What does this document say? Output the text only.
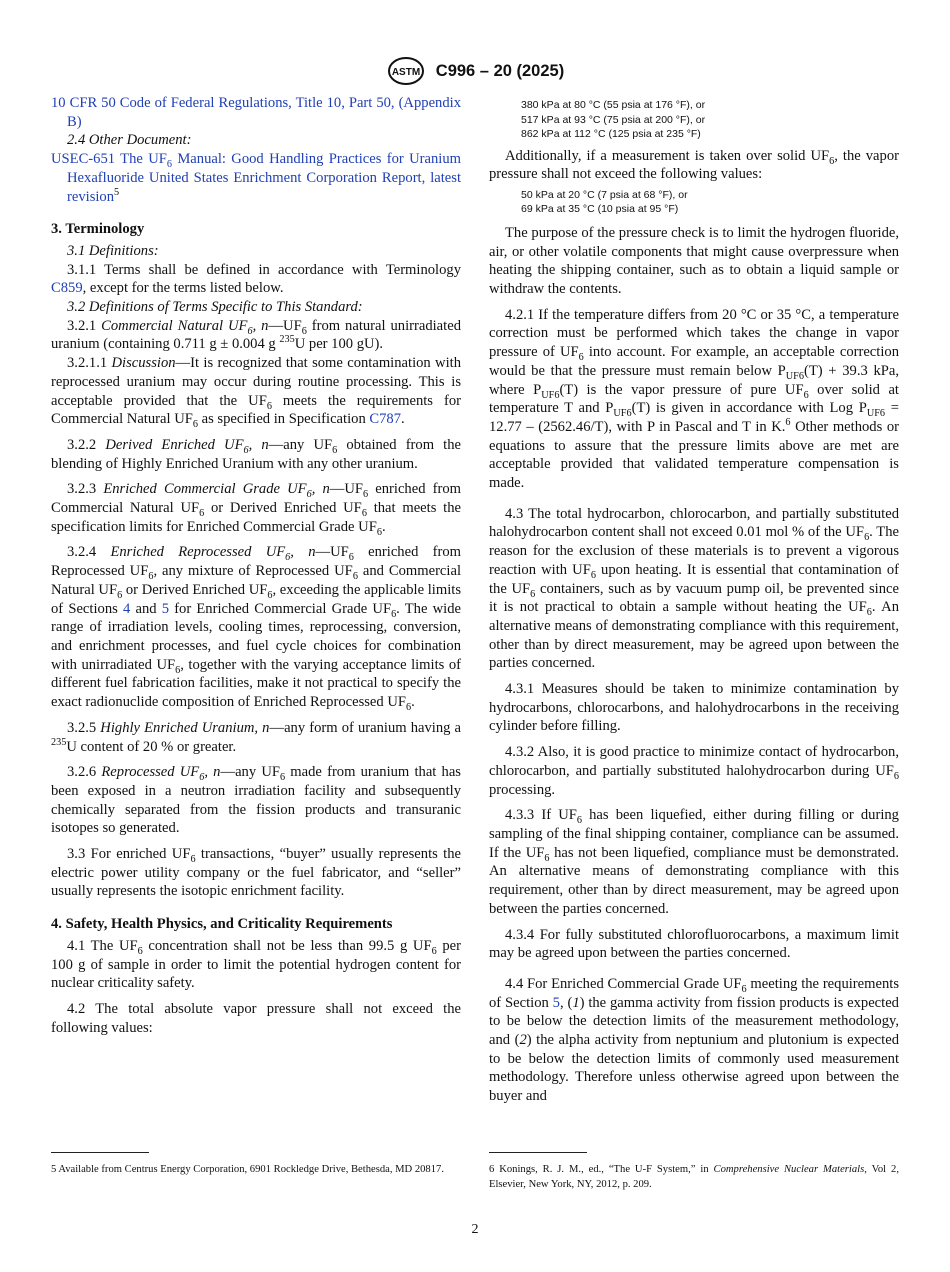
ASTM C996 – 20 (2025)

10 CFR 50 Code of Federal Regulations, Title 10, Part 50, (Appendix B)

2.4 Other Document:

USEC-651 The $UF_6$ Manual: Good Handling Practices for Uranium Hexafluoride United States Enrichment Corporation Report, latest revision$^5$

3. Terminology

3.1 Definitions:

3.1.1 Terms shall be defined in accordance with Terminology C859, except for the terms listed below.

3.2 Definitions of Terms Specific to This Standard:

3.2.1 Commercial Natural $UF_6$, $n—UF_6$ from natural unirradiated uranium (containing 0.711 g ± 0.004 g $^{235}$U per 100 gU).

3.2.1.1 Discussion—It is recognized that some contamination with reprocessed uranium may occur during routine processing. This is acceptable provided that the $UF_6$ meets the requirements for Commercial Natural $UF_6$ as specified in Specification C787.

3.2.2 Derived Enriched $UF_6$, n—any $UF_6$ obtained from the blending of Highly Enriched Uranium with any other uranium.

3.2.3 Enriched Commercial Grade $UF_6$, $n—UF_6$ enriched from Commercial Natural $UF_6$ or Derived Enriched $UF_6$ that meets the specification limits for Enriched Commercial Grade $UF_6$.

3.2.4 Enriched Reprocessed $UF_6$, $n—UF_6$ enriched from Reprocessed $UF_6$, any mixture of Reprocessed $UF_6$ and Commercial Natural $UF_6$ or Derived Enriched $UF_6$, exceeding the applicable limits of Sections 4 and 5 for Enriched Commercial Grade $UF_6$. The wide range of irradiation levels, cooling times, reprocessing, conversion, and enrichment processes, and fuel cycle choices for combination with unirradiated $UF_6$, together with the varying acceptance limits of different fuel fabrication facilities, make it not practical to specify the exact radionuclide composition of Enriched Reprocessed $UF_6$.

3.2.5 Highly Enriched Uranium, n—any form of uranium having a $^{235}$U content of 20 % or greater.

3.2.6 Reprocessed $UF_6$, n—any $UF_6$ made from uranium that has been exposed in a neutron irradiation facility and subsequently chemically separated from the fission products and transuranic isotopes so generated.

3.3 For enriched $UF_6$ transactions, “buyer” usually represents the electric power utility company or the fuel fabricator, and “seller” usually represents the isotopic enrichment facility.

4. Safety, Health Physics, and Criticality Requirements

4.1 The $UF_6$ concentration shall not be less than 99.5 g $UF_6$ per 100 g of sample in order to limit the potential hydrogen content for nuclear criticality safety.

4.2 The total absolute vapor pressure shall not exceed the following values:

380 kPa at 80 °C (55 psia at 176 °F), or
517 kPa at 93 °C (75 psia at 200 °F), or
862 kPa at 112 °C (125 psia at 235 °F)

Additionally, if a measurement is taken over solid $UF_6$, the vapor pressure shall not exceed the following values:

50 kPa at 20 °C (7 psia at 68 °F), or
69 kPa at 35 °C (10 psia at 95 °F)

The purpose of the pressure check is to limit the hydrogen fluoride, air, or other volatile components that might cause overpressure when heating the shipping container, such as to obtain a liquid sample or withdraw the contents.

4.2.1 If the temperature differs from 20 °C or 35 °C, a temperature correction must be performed which takes the change in vapor pressure of $UF_6$ into account. For example, an acceptable correction would be that the pressure must remain below $P_{UF6}(T) + 39.3$ kPa, where $P_{UF6}(T)$ is the vapor pressure of pure $UF_6$ over solid at temperature T and $P_{UF6}(T)$ is given in accordance with Log $P_{UF6} = 12.77 - (2562.46/T)$, with P in Pascal and T in K.$^6$ Other methods or equations to assure that the pressure limits above are met are acceptable provided that validated temperature compensation is made.

4.3 The total hydrocarbon, chlorocarbon, and partially substituted halohydrocarbon content shall not exceed 0.01 mol % of the $UF_6$. The reason for the exclusion of these materials is to prevent a vigorous reaction with $UF_6$ upon heating. It is essential that contamination of the $UF_6$ containers, such as by vacuum pump oil, be prevented since it is not practical to obtain a sample without heating the $UF_6$. An alternative means of demonstrating compliance with this requirement, other than by direct measurement, may be agreed upon between the parties concerned.

4.3.1 Measures should be taken to minimize contamination by hydrocarbons, chlorocarbons, and halohydrocarbons in the receiving cylinder before filling.

4.3.2 Also, it is good practice to minimize contact of hydrocarbon, chlorocarbon, and partially substituted halohydrocarbon during $UF_6$ processing.

4.3.3 If $UF_6$ has been liquefied, either during filling or during sampling of the final shipping container, compliance can be assumed. If the $UF_6$ has not been liquefied, compliance must be demonstrated. An alternative means of demonstrating compliance with this requirement, other than by direct measurement, may be agreed upon between the parties concerned.

4.3.4 For fully substituted chlorofluorocarbons, a maximum limit may be agreed upon between the parties concerned.

4.4 For Enriched Commercial Grade $UF_6$ meeting the requirements of Section 5, (1) the gamma activity from fission products is expected to be below the detection limits of the measurement methodology, and (2) the alpha activity from neptunium and plutonium is expected to be below the detection limits of commonly used measurement methodology. Therefore unless otherwise agreed upon between the buyer and

5 Available from Centrus Energy Corporation, 6901 Rockledge Drive, Bethesda, MD 20817.	6 Konings, R. J. M., ed., “The U-F System,” in Comprehensive Nuclear Materials, Vol 2, Elsevier, New York, NY, 2012, p. 209.

2
